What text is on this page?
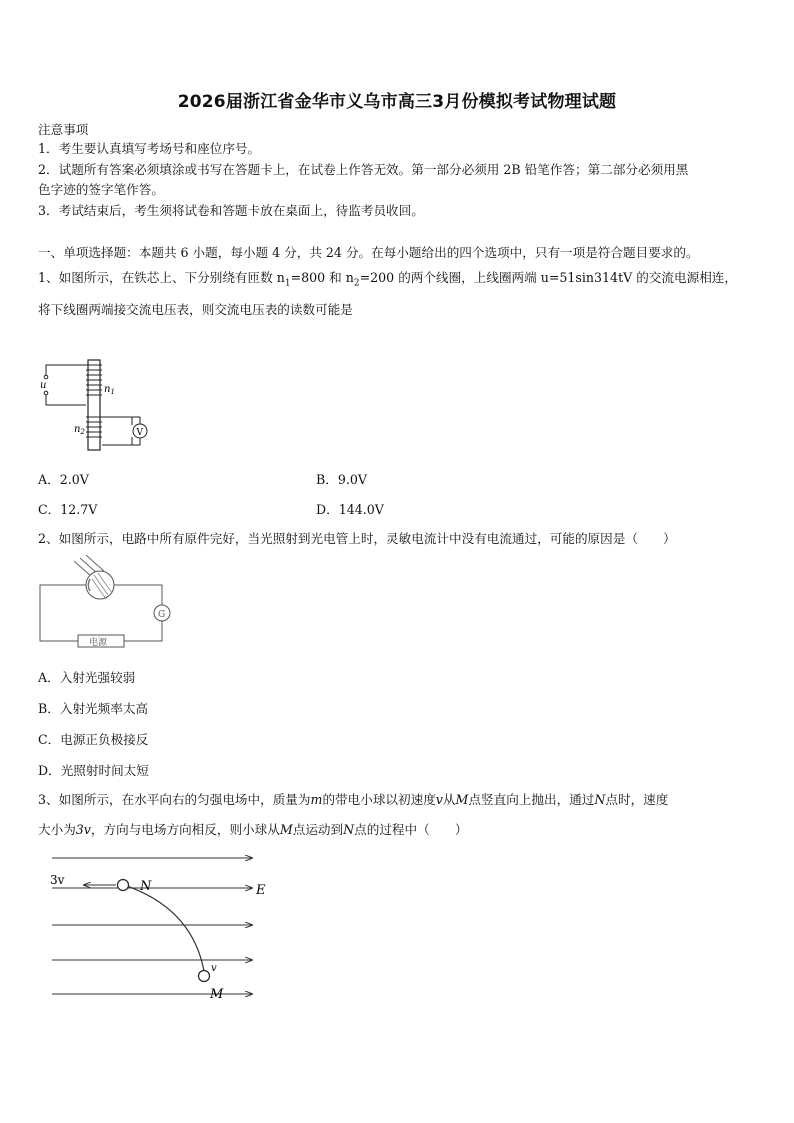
2026届浙江省金华市义乌市高三3月份模拟考试物理试题
注意事项
1．考生要认真填写考场号和座位序号。
2．试题所有答案必须填涂或书写在答题卡上，在试卷上作答无效。第一部分必须用 2B 铅笔作答；第二部分必须用黑
色字迹的签字笔作答。
3．考试结束后，考生须将试卷和答题卡放在桌面上，待监考员收回。
一、单项选择题：本题共 6 小题，每小题 4 分，共 24 分。在每小题给出的四个选项中，只有一项是符合题目要求的。
1、如图所示，在铁芯上、下分别绕有匝数 $n_1=800$ 和 $n_2=200$ 的两个线圈，上线圈两端 u=51sin314tV 的交流电源相连，
将下线圈两端接交流电压表，则交流电压表的读数可能是
u	$n_1$
$n_2$	V
A．2.0V	B．9.0V
C．12.7V	D．144.0V
2、如图所示，电路中所有原件完好，当光照射到光电管上时，灵敏电流计中没有电流通过，可能的原因是（　　）
G
电源
A．入射光强较弱
B．入射光频率太高
C．电源正负极接反
D．光照射时间太短
3、如图所示，在水平向右的匀强电场中，质量为m的带电小球以初速度v从M点竖直向上抛出，通过N点时，速度
大小为3v，方向与电场方向相反，则小球从M点运动到N点的过程中（　　）
E
3v	N
v
M
